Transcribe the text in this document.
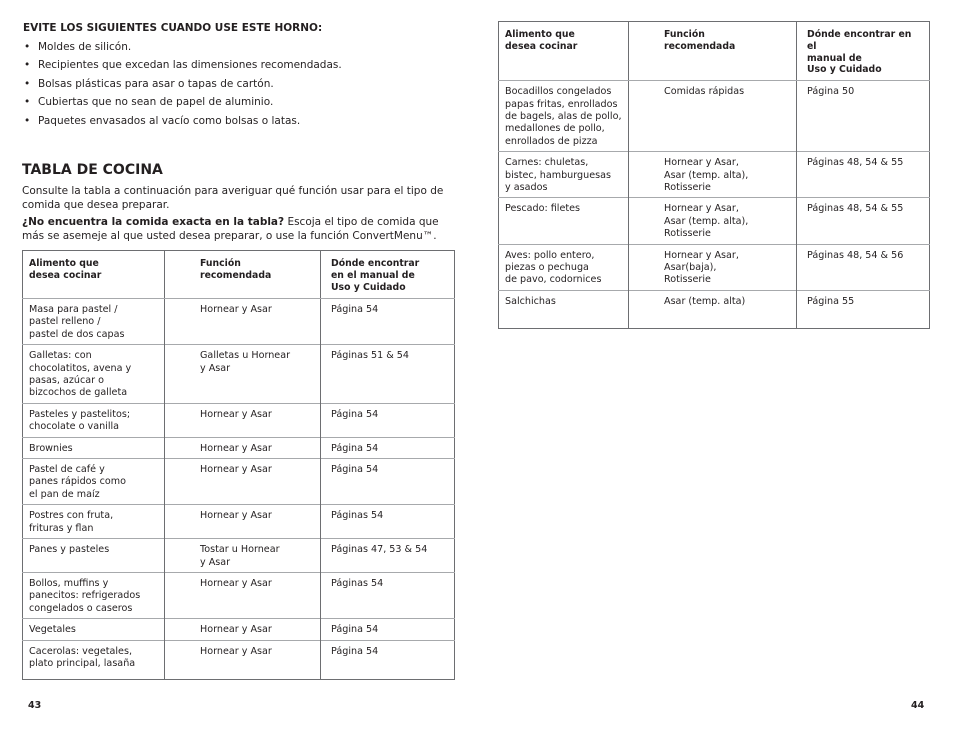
EVITE LOS SIGUIENTES CUANDO USE ESTE HORNO:
• Moldes de silicón.
• Recipientes que excedan las dimensiones recomendadas.
• Bolsas plásticas para asar o tapas de cartón.
• Cubiertas que no sean de papel de aluminio.
• Paquetes envasados al vacío como bolsas o latas.
TABLA DE COCINA

Consulte la tabla a continuación para averiguar qué función usar para el tipo de comida que desea preparar.

¿No encuentra la comida exacta en la tabla? Escoja el tipo de comida que más se asemeje al que usted desea preparar, o use la función ConvertMenu™.

Alimento que
desea cocinar	Función
recomendada	Dónde encontrar
en el manual de
Uso y Cuidado
Masa para pastel /
pastel relleno /
pastel de dos capas	Hornear y Asar	Página 54
Galletas: con
chocolatitos, avena y
pasas, azúcar o
bizcochos de galleta	Galletas u Hornear
y Asar	Páginas 51 & 54
Pasteles y pastelitos;
chocolate o vanilla	Hornear y Asar	Página 54
Brownies	Hornear y Asar	Página 54
Pastel de café y
panes rápidos como
el pan de maíz	Hornear y Asar	Página 54
Postres con fruta,
frituras y flan	Hornear y Asar	Páginas 54
Panes y pasteles	Tostar u Hornear
y Asar	Páginas 47, 53 & 54
Bollos, muffins y
panecitos: refrigerados
congelados o caseros	Hornear y Asar	Páginas 54
Vegetales	Hornear y Asar	Página 54
Cacerolas: vegetales,
plato principal, lasaña	Hornear y Asar	Página 54
43
Alimento que
desea cocinar	Función
recomendada	Dónde encontrar en el
manual de
Uso y Cuidado
Bocadillos congelados
papas fritas, enrollados
de bagels, alas de pollo,
medallones de pollo,
enrollados de pizza	Comidas rápidas	Página 50
Carnes: chuletas,
bistec, hamburguesas
y asados	Hornear y Asar,
Asar (temp. alta),
Rotisserie	Páginas 48, 54 & 55
Pescado: filetes	Hornear y Asar,
Asar (temp. alta),
Rotisserie	Páginas 48, 54 & 55
Aves: pollo entero,
piezas o pechuga
de pavo, codornices	Hornear y Asar,
Asar(baja),
Rotisserie	Páginas 48, 54 & 56
Salchichas	Asar (temp. alta)	Página 55
44
